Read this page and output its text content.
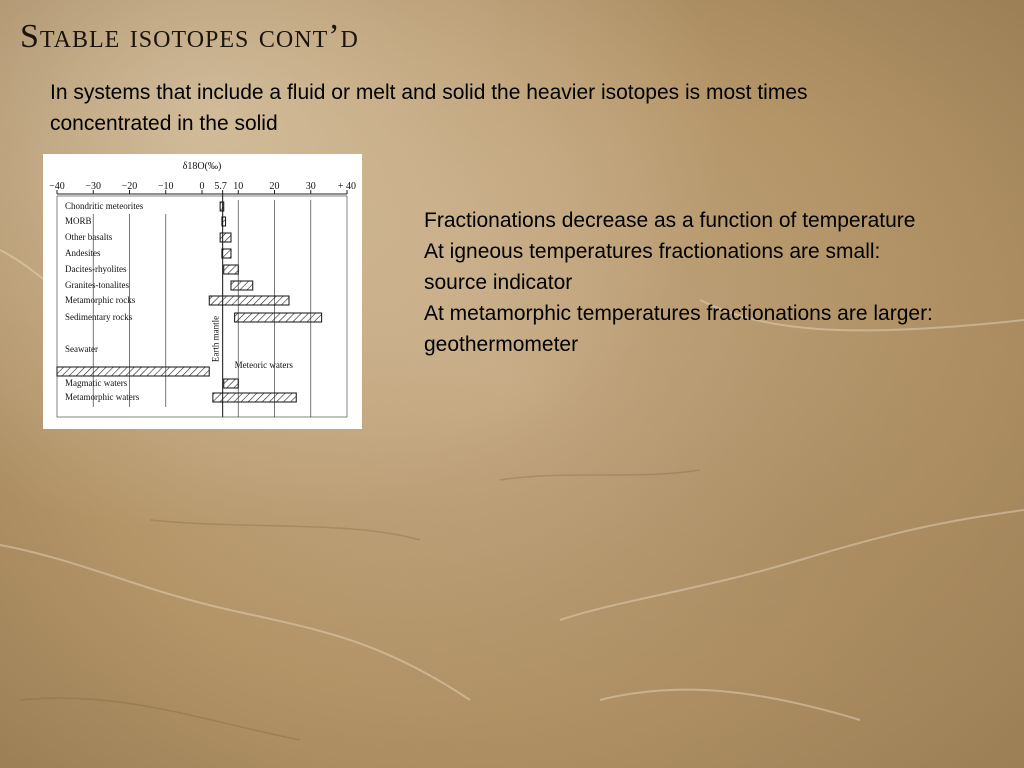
Stable isotopes cont’d

In systems that include a fluid or melt and solid the heavier isotopes is most times concentrated in the solid

δ18O(‰)
−40 −30 −20 −10	0 5.7 10	20	30 + 40
Earth mantle
Chondritic meteorites
MORB
Other basalts
Andesites
Dacites-rhyolites
Granites-tonalites
Metamorphic rocks
Sedimentary rocks
Seawater
Meteoric waters
Magmatic waters
Metamorphic waters

Fractionations decrease as a function of temperature

At igneous temperatures fractionations are small: source indicator

At metamorphic temperatures fractionations are larger: geothermometer
